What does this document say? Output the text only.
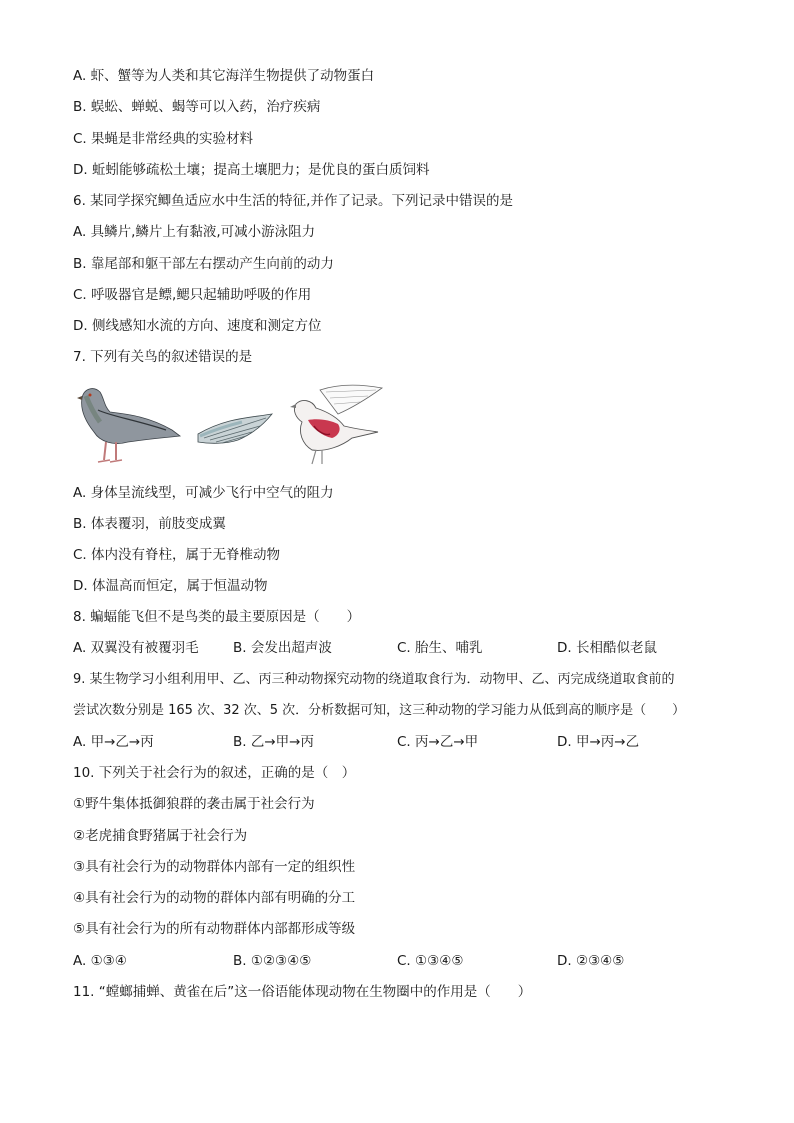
A. 虾、蟹等为人类和其它海洋生物提供了动物蛋白
B. 蜈蚣、蝉蜕、蝎等可以入药，治疗疾病
C. 果蝇是非常经典的实验材料
D. 蚯蚓能够疏松土壤；提高土壤肥力；是优良的蛋白质饲料
6. 某同学探究鲫鱼适应水中生活的特征,并作了记录。下列记录中错误的是
A. 具鳞片,鳞片上有黏液,可减小游泳阻力
B. 靠尾部和躯干部左右摆动产生向前的动力
C. 呼吸器官是鳔,鳃只起辅助呼吸的作用
D. 侧线感知水流的方向、速度和测定方位
7. 下列有关鸟的叙述错误的是
A. 身体呈流线型，可减少飞行中空气的阻力
B. 体表覆羽，前肢变成翼
C. 体内没有脊柱，属于无脊椎动物
D. 体温高而恒定，属于恒温动物
8. 蝙蝠能飞但不是鸟类的最主要原因是（　　）
A. 双翼没有被覆羽毛	B. 会发出超声波	C. 胎生、哺乳	D. 长相酷似老鼠
9. 某生物学习小组利用甲、乙、丙三种动物探究动物的绕道取食行为．动物甲、乙、丙完成绕道取食前的
尝试次数分别是 165 次、32 次、5 次．分析数据可知，这三种动物的学习能力从低到高的顺序是（　　）
A. 甲→乙→丙	B. 乙→甲→丙	C. 丙→乙→甲	D. 甲→丙→乙
10. 下列关于社会行为的叙述，正确的是（　）
①野牛集体抵御狼群的袭击属于社会行为
②老虎捕食野猪属于社会行为
③具有社会行为的动物群体内部有一定的组织性
④具有社会行为的动物的群体内部有明确的分工
⑤具有社会行为的所有动物群体内部都形成等级
A. ①③④	B. ①②③④⑤	C. ①③④⑤	D. ②③④⑤
11. “螳螂捕蝉、黄雀在后”这一俗语能体现动物在生物圈中的作用是（　　）
